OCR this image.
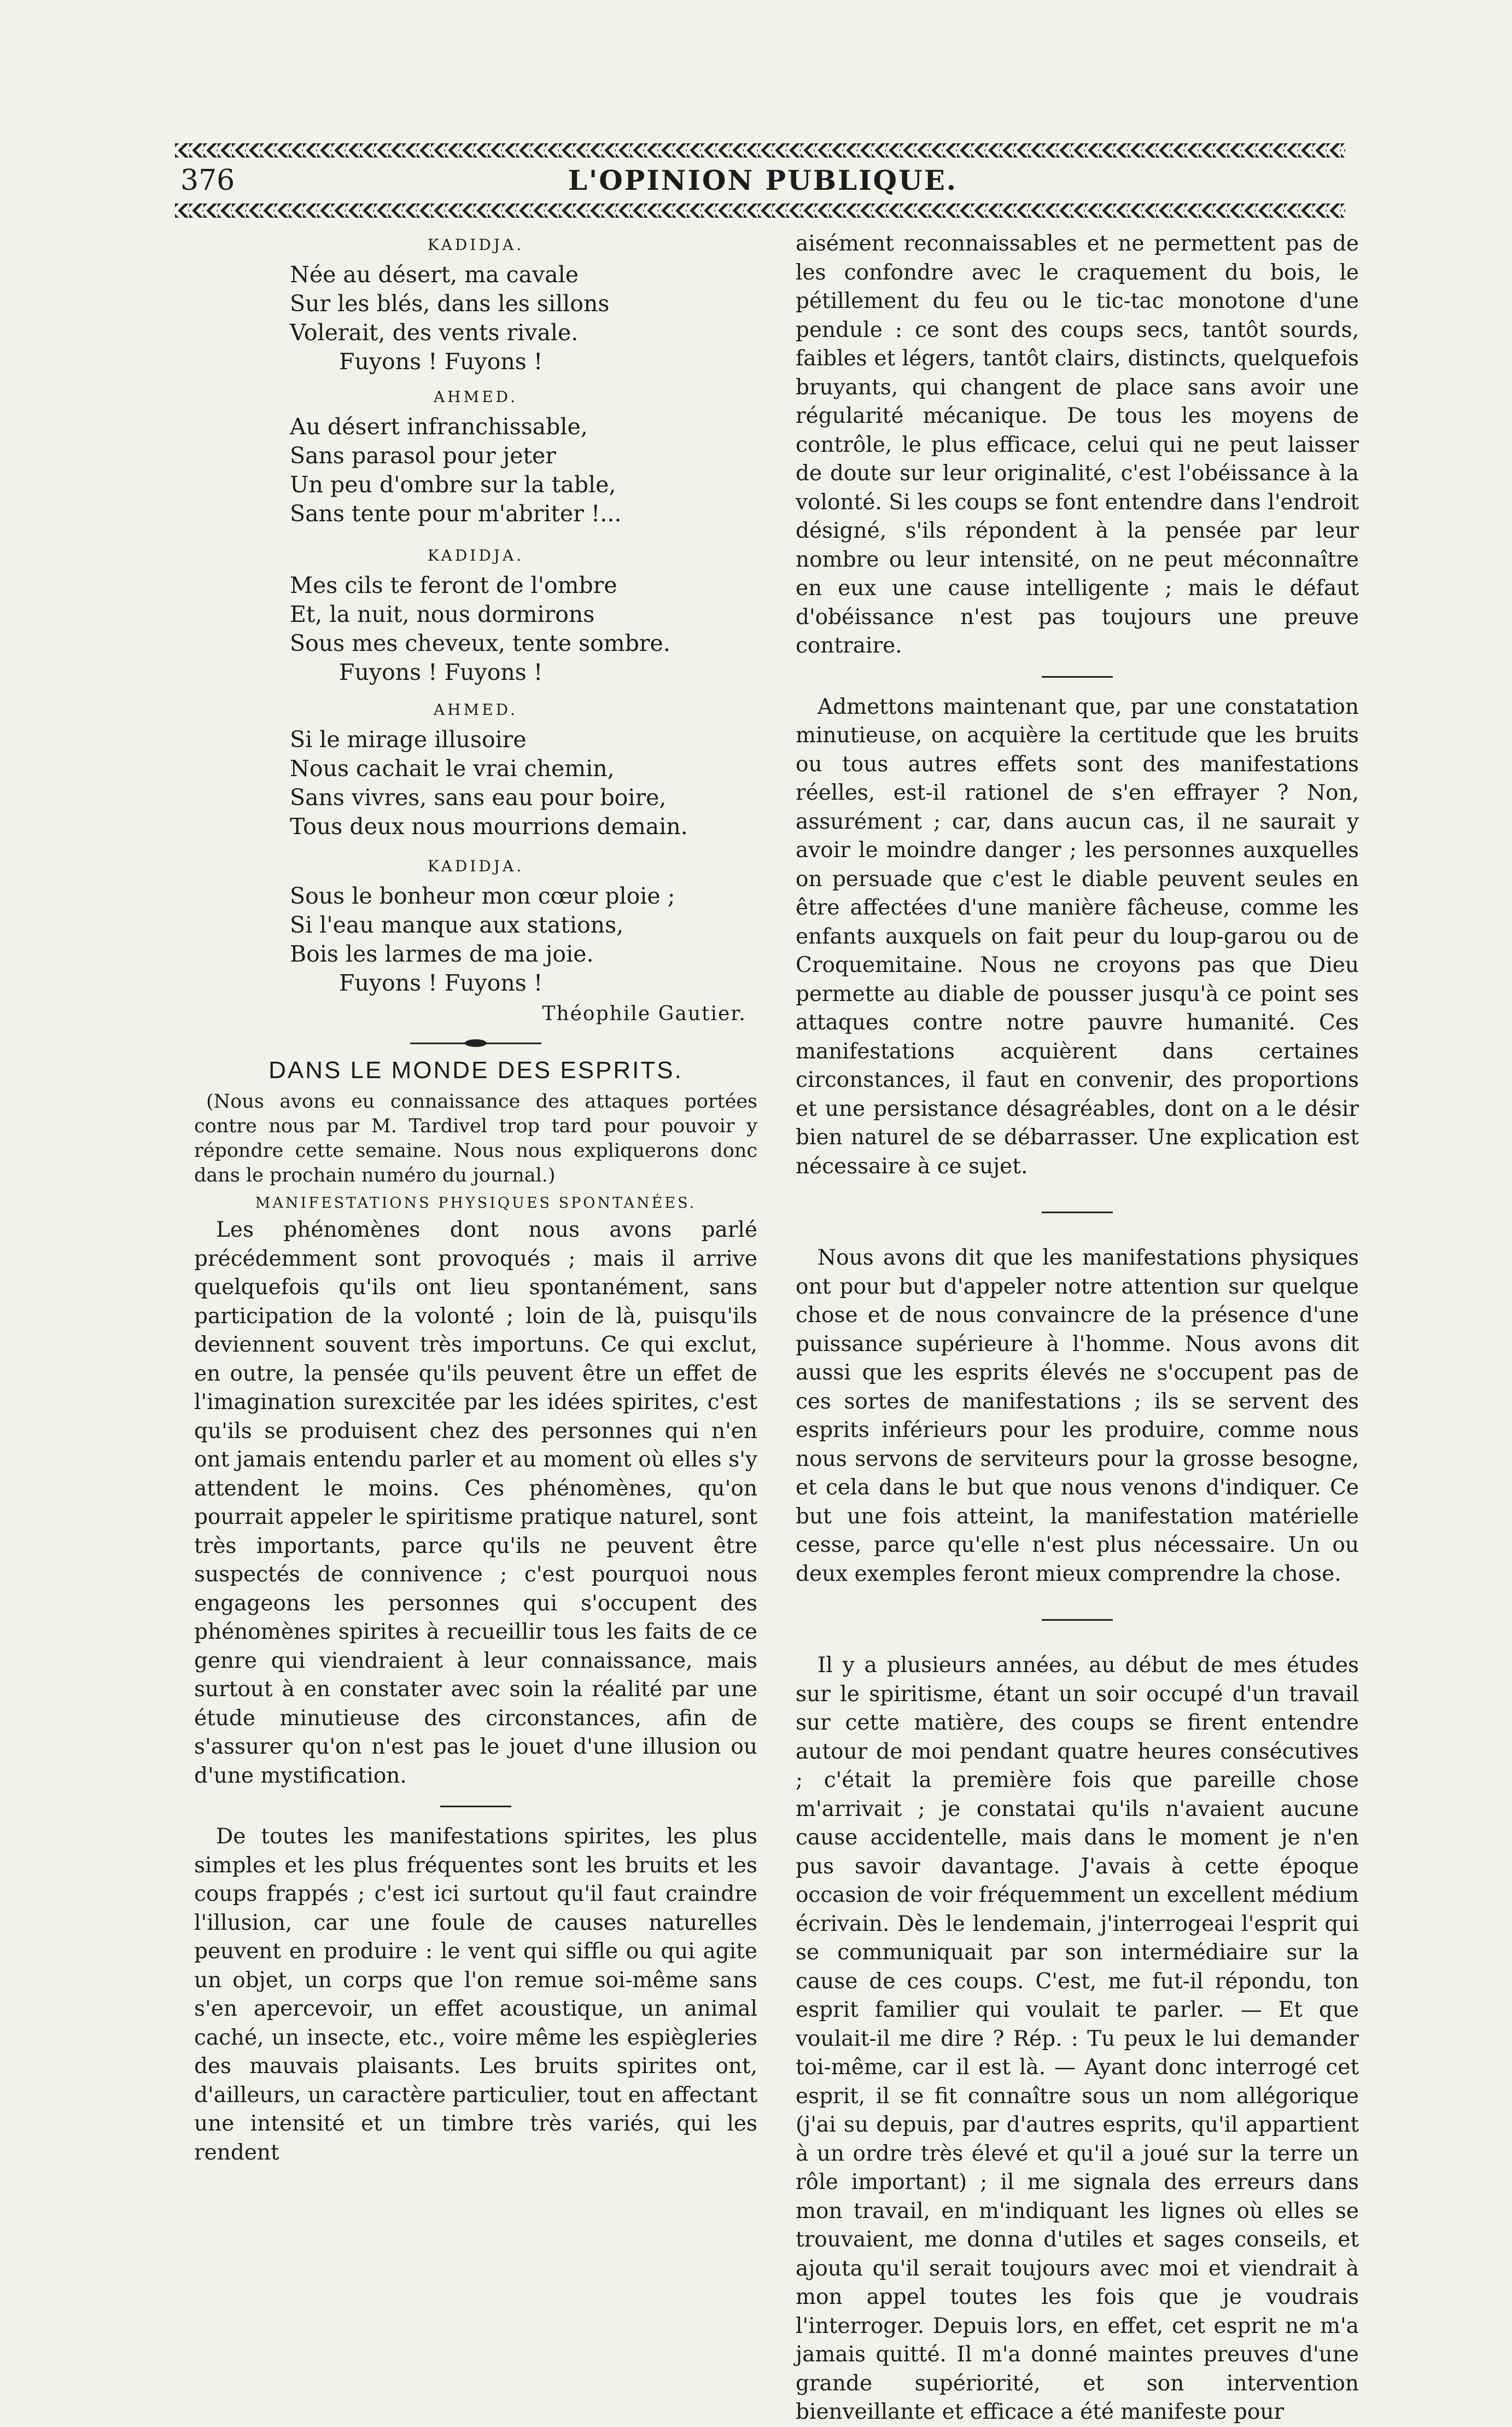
376	L'OPINION PUBLIQUE.

KADIDJA.

Née au désert, ma cavale

Sur les blés, dans les sillons

Volerait, des vents rivale.

Fuyons ! Fuyons !

AHMED.

Au désert infranchissable,

Sans parasol pour jeter

Un peu d'ombre sur la table,

Sans tente pour m'abriter !...

KADIDJA.

Mes cils te feront de l'ombre

Et, la nuit, nous dormirons

Sous mes cheveux, tente sombre.

Fuyons ! Fuyons !

AHMED.

Si le mirage illusoire

Nous cachait le vrai chemin,

Sans vivres, sans eau pour boire,

Tous deux nous mourrions demain.

KADIDJA.

Sous le bonheur mon cœur ploie ;

Si l'eau manque aux stations,

Bois les larmes de ma joie.

Fuyons ! Fuyons !

Théophile Gautier.

DANS LE MONDE DES ESPRITS.

(Nous avons eu connaissance des attaques portées contre nous par M. Tardivel trop tard pour pouvoir y répondre cette semaine. Nous nous expliquerons donc dans le prochain numéro du journal.)

MANIFESTATIONS PHYSIQUES SPONTANÉES.

Les phénomènes dont nous avons parlé précédemment sont provoqués ; mais il arrive quelquefois qu'ils ont lieu spontanément, sans participation de la volonté ; loin de là, puisqu'ils deviennent souvent très importuns. Ce qui exclut, en outre, la pensée qu'ils peuvent être un effet de l'imagination surexcitée par les idées spirites, c'est qu'ils se produisent chez des personnes qui n'en ont jamais entendu parler et au moment où elles s'y attendent le moins. Ces phénomènes, qu'on pourrait appeler le spiritisme pratique naturel, sont très importants, parce qu'ils ne peuvent être suspectés de connivence ; c'est pourquoi nous engageons les personnes qui s'occupent des phénomènes spirites à recueillir tous les faits de ce genre qui viendraient à leur connaissance, mais surtout à en constater avec soin la réalité par une étude minutieuse des circonstances, afin de s'assurer qu'on n'est pas le jouet d'une illusion ou d'une mystification.

De toutes les manifestations spirites, les plus simples et les plus fréquentes sont les bruits et les coups frappés ; c'est ici surtout qu'il faut craindre l'illusion, car une foule de causes naturelles peuvent en produire : le vent qui siffle ou qui agite un objet, un corps que l'on remue soi-même sans s'en apercevoir, un effet acoustique, un animal caché, un insecte, etc., voire même les espiègleries des mauvais plaisants. Les bruits spirites ont, d'ailleurs, un caractère particulier, tout en affectant une intensité et un timbre très variés, qui les rendent

aisément reconnaissables et ne permettent pas de les confondre avec le craquement du bois, le pétillement du feu ou le tic-tac monotone d'une pendule : ce sont des coups secs, tantôt sourds, faibles et légers, tantôt clairs, distincts, quelquefois bruyants, qui changent de place sans avoir une régularité mécanique. De tous les moyens de contrôle, le plus efficace, celui qui ne peut laisser de doute sur leur originalité, c'est l'obéissance à la volonté. Si les coups se font entendre dans l'endroit désigné, s'ils répondent à la pensée par leur nombre ou leur intensité, on ne peut méconnaître en eux une cause intelligente ; mais le défaut d'obéissance n'est pas toujours une preuve contraire.

Admettons maintenant que, par une constatation minutieuse, on acquière la certitude que les bruits ou tous autres effets sont des manifestations réelles, est-il rationel de s'en effrayer ? Non, assurément ; car, dans aucun cas, il ne saurait y avoir le moindre danger ; les personnes auxquelles on persuade que c'est le diable peuvent seules en être affectées d'une manière fâcheuse, comme les enfants auxquels on fait peur du loup-garou ou de Croquemitaine. Nous ne croyons pas que Dieu permette au diable de pousser jusqu'à ce point ses attaques contre notre pauvre humanité. Ces manifestations acquièrent dans certaines circonstances, il faut en convenir, des proportions et une persistance désagréables, dont on a le désir bien naturel de se débarrasser. Une explication est nécessaire à ce sujet.

Nous avons dit que les manifestations physiques ont pour but d'appeler notre attention sur quelque chose et de nous convaincre de la présence d'une puissance supérieure à l'homme. Nous avons dit aussi que les esprits élevés ne s'occupent pas de ces sortes de manifestations ; ils se servent des esprits inférieurs pour les produire, comme nous nous servons de serviteurs pour la grosse besogne, et cela dans le but que nous venons d'indiquer. Ce but une fois atteint, la manifestation matérielle cesse, parce qu'elle n'est plus nécessaire. Un ou deux exemples feront mieux comprendre la chose.

Il y a plusieurs années, au début de mes études sur le spiritisme, étant un soir occupé d'un travail sur cette matière, des coups se firent entendre autour de moi pendant quatre heures consécutives ; c'était la première fois que pareille chose m'arrivait ; je constatai qu'ils n'avaient aucune cause accidentelle, mais dans le moment je n'en pus savoir davantage. J'avais à cette époque occasion de voir fréquemment un excellent médium écrivain. Dès le lendemain, j'interrogeai l'esprit qui se communiquait par son intermédiaire sur la cause de ces coups. C'est, me fut-il répondu, ton esprit familier qui voulait te parler. — Et que voulait-il me dire ? Rép. : Tu peux le lui demander toi-même, car il est là. — Ayant donc interrogé cet esprit, il se fit connaître sous un nom allégorique (j'ai su depuis, par d'autres esprits, qu'il appartient à un ordre très élevé et qu'il a joué sur la terre un rôle important) ; il me signala des erreurs dans mon travail, en m'indiquant les lignes où elles se trouvaient, me donna d'utiles et sages conseils, et ajouta qu'il serait toujours avec moi et viendrait à mon appel toutes les fois que je voudrais l'interroger. Depuis lors, en effet, cet esprit ne m'a jamais quitté. Il m'a donné maintes preuves d'une grande supériorité, et son intervention bienveillante et efficace a été manifeste pour
